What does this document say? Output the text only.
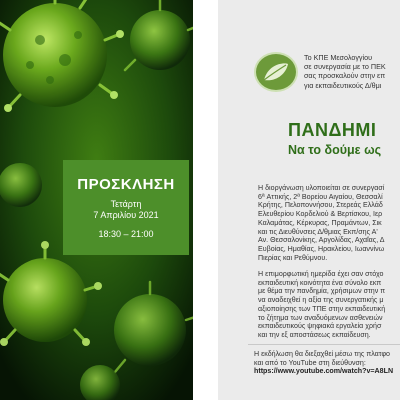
ΠΡΟΣΚΛΗΣΗ
Τετάρτη
7 Απριλίου 2021
18:30 – 21:00
Το ΚΠΕ Μεσολογγίου
σε συνεργασία με το ΠΕΚ
σας προσκαλούν στην επ
για εκπαιδευτικούς Δ/θμι
ΠΑΝΔΗΜΙ
Να το δούμε ως
Η διοργάνωση υλοποιείται σε συνεργασί
6ª Αττικής, 2ª Βορείου Αιγαίου, Θεσσαλί
Κρήτης, Πελοποννήσου, Στερεάς Ελλάδ
Ελευθερίου Κορδελιού & Βερτίσκου, Ιερ
Καλαμάτας, Κέρκυρας, Πραμάντων, Σικ
και τις Διευθύνσεις Δ/θμιας Εκπ/σης Α'
Αν. Θεσσαλονίκης, Αργολίδας, Αχαΐας, Δ
Ευβοίας, Ημαθίας, Ηρακλείου, Ιωαννίνω
Πιερίας και Ρεθύμνου.
Η επιμορφωτική ημερίδα έχει σαν στόχο
εκπαιδευτική κοινότητα ένα σύνολο εκπ
με θέμα την πανδημία, χρήσιμων στην π
να αναδειχθεί η αξία της συνεργατικής μ
αξιοποίησης των ΤΠΕ στην εκπαιδευτική
το ζήτημα των αναδυόμενων ασθενειών
εκπαιδευτικούς ψηφιακά εργαλεία χρήσ
και την εξ αποστάσεως εκπαίδευση.
Η εκδήλωση θα διεξαχθεί μέσω της πλατφο
και από το YouTube στη διεύθυνση:
https://www.youtube.com/watch?v=A8LN
